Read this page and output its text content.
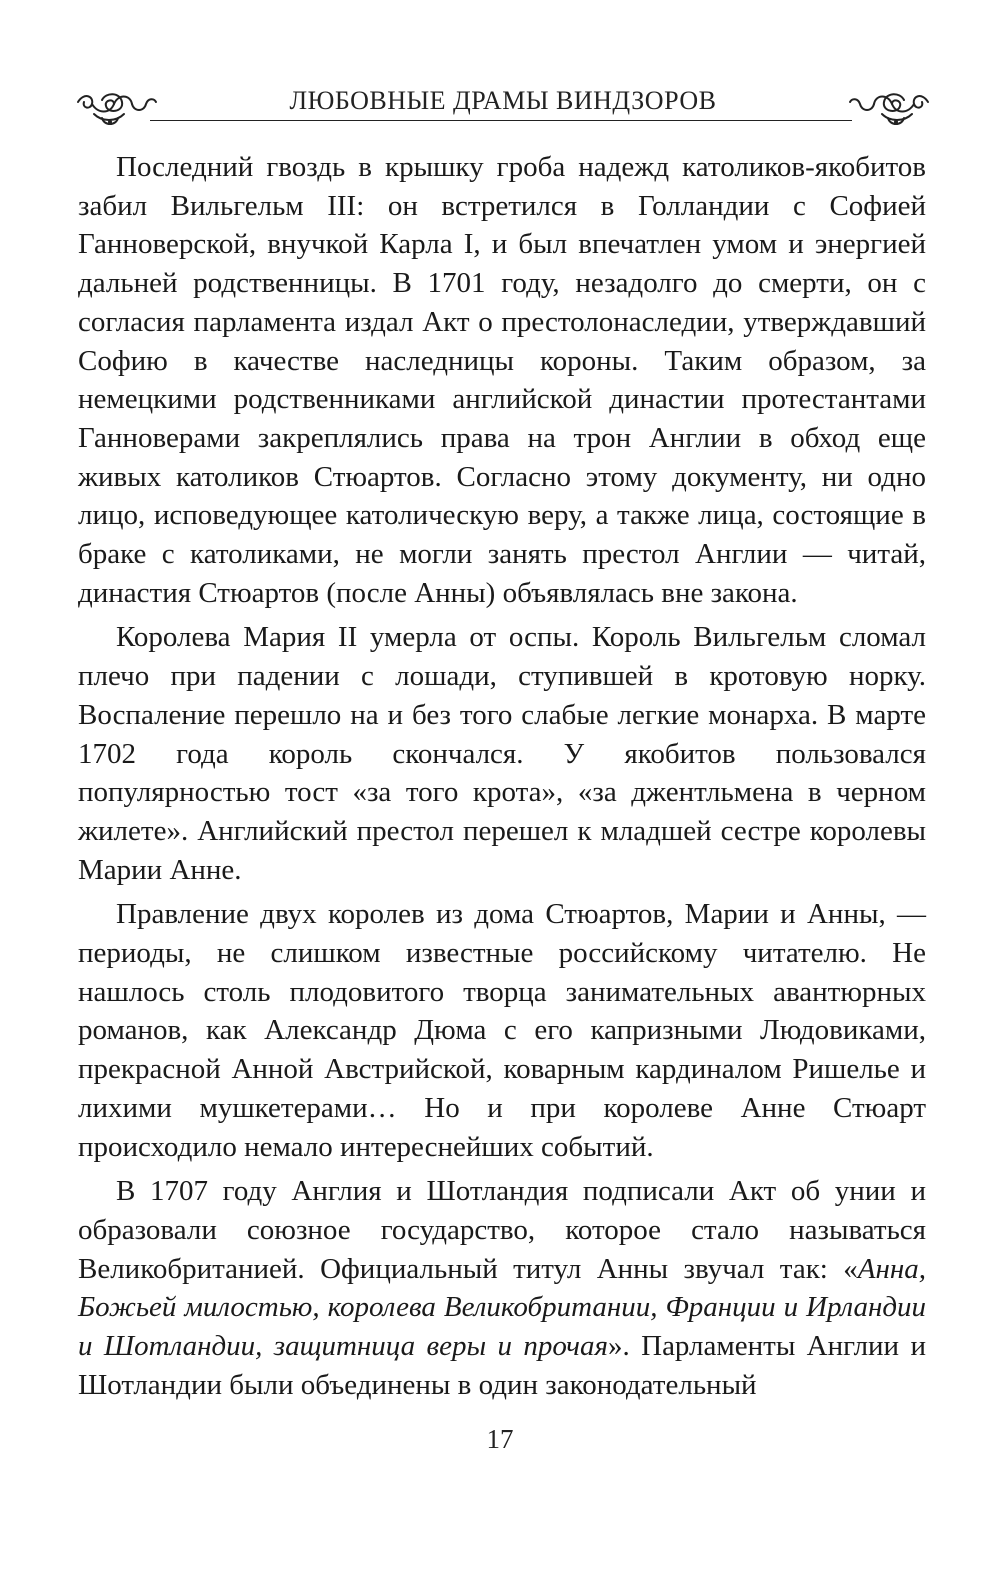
ЛЮБОВНЫЕ ДРАМЫ ВИНДЗОРОВ

Последний гвоздь в крышку гроба надежд католиков-якобитов забил Вильгельм III: он встретился в Голландии с Софией Ганноверской, внучкой Карла I, и был впечатлен умом и энергией дальней родственницы. В 1701 году, незадолго до смерти, он с согласия парламента издал Акт о престолонаследии, утверждавший Софию в качестве наследницы короны. Таким образом, за немецкими родственниками английской династии протестантами Ганноверами закреплялись права на трон Англии в обход еще живых католиков Стюартов. Согласно этому документу, ни одно лицо, исповедующее католическую веру, а также лица, состоящие в браке с католиками, не могли занять престол Англии — читай, династия Стюартов (после Анны) объявлялась вне закона.

Королева Мария II умерла от оспы. Король Вильгельм сломал плечо при падении с лошади, ступившей в кротовую норку. Воспаление перешло на и без того слабые легкие монарха. В марте 1702 года король скончался. У якобитов пользовался популярностью тост «за того крота», «за джентльмена в черном жилете». Английский престол перешел к младшей сестре королевы Марии Анне.

Правление двух королев из дома Стюартов, Марии и Анны, — периоды, не слишком известные российскому читателю. Не нашлось столь плодовитого творца занимательных авантюрных романов, как Александр Дюма с его капризными Людовиками, прекрасной Анной Австрийской, коварным кардиналом Ришелье и лихими мушкетерами… Но и при королеве Анне Стюарт происходило немало интереснейших событий.

В 1707 году Англия и Шотландия подписали Акт об унии и образовали союзное государство, которое стало называться Великобританией. Официальный титул Анны звучал так: «Анна, Божьей милостью, королева Великобритании, Франции и Ирландии и Шотландии, защитница веры и прочая». Парламенты Англии и Шотландии были объединены в один законодательный

17
